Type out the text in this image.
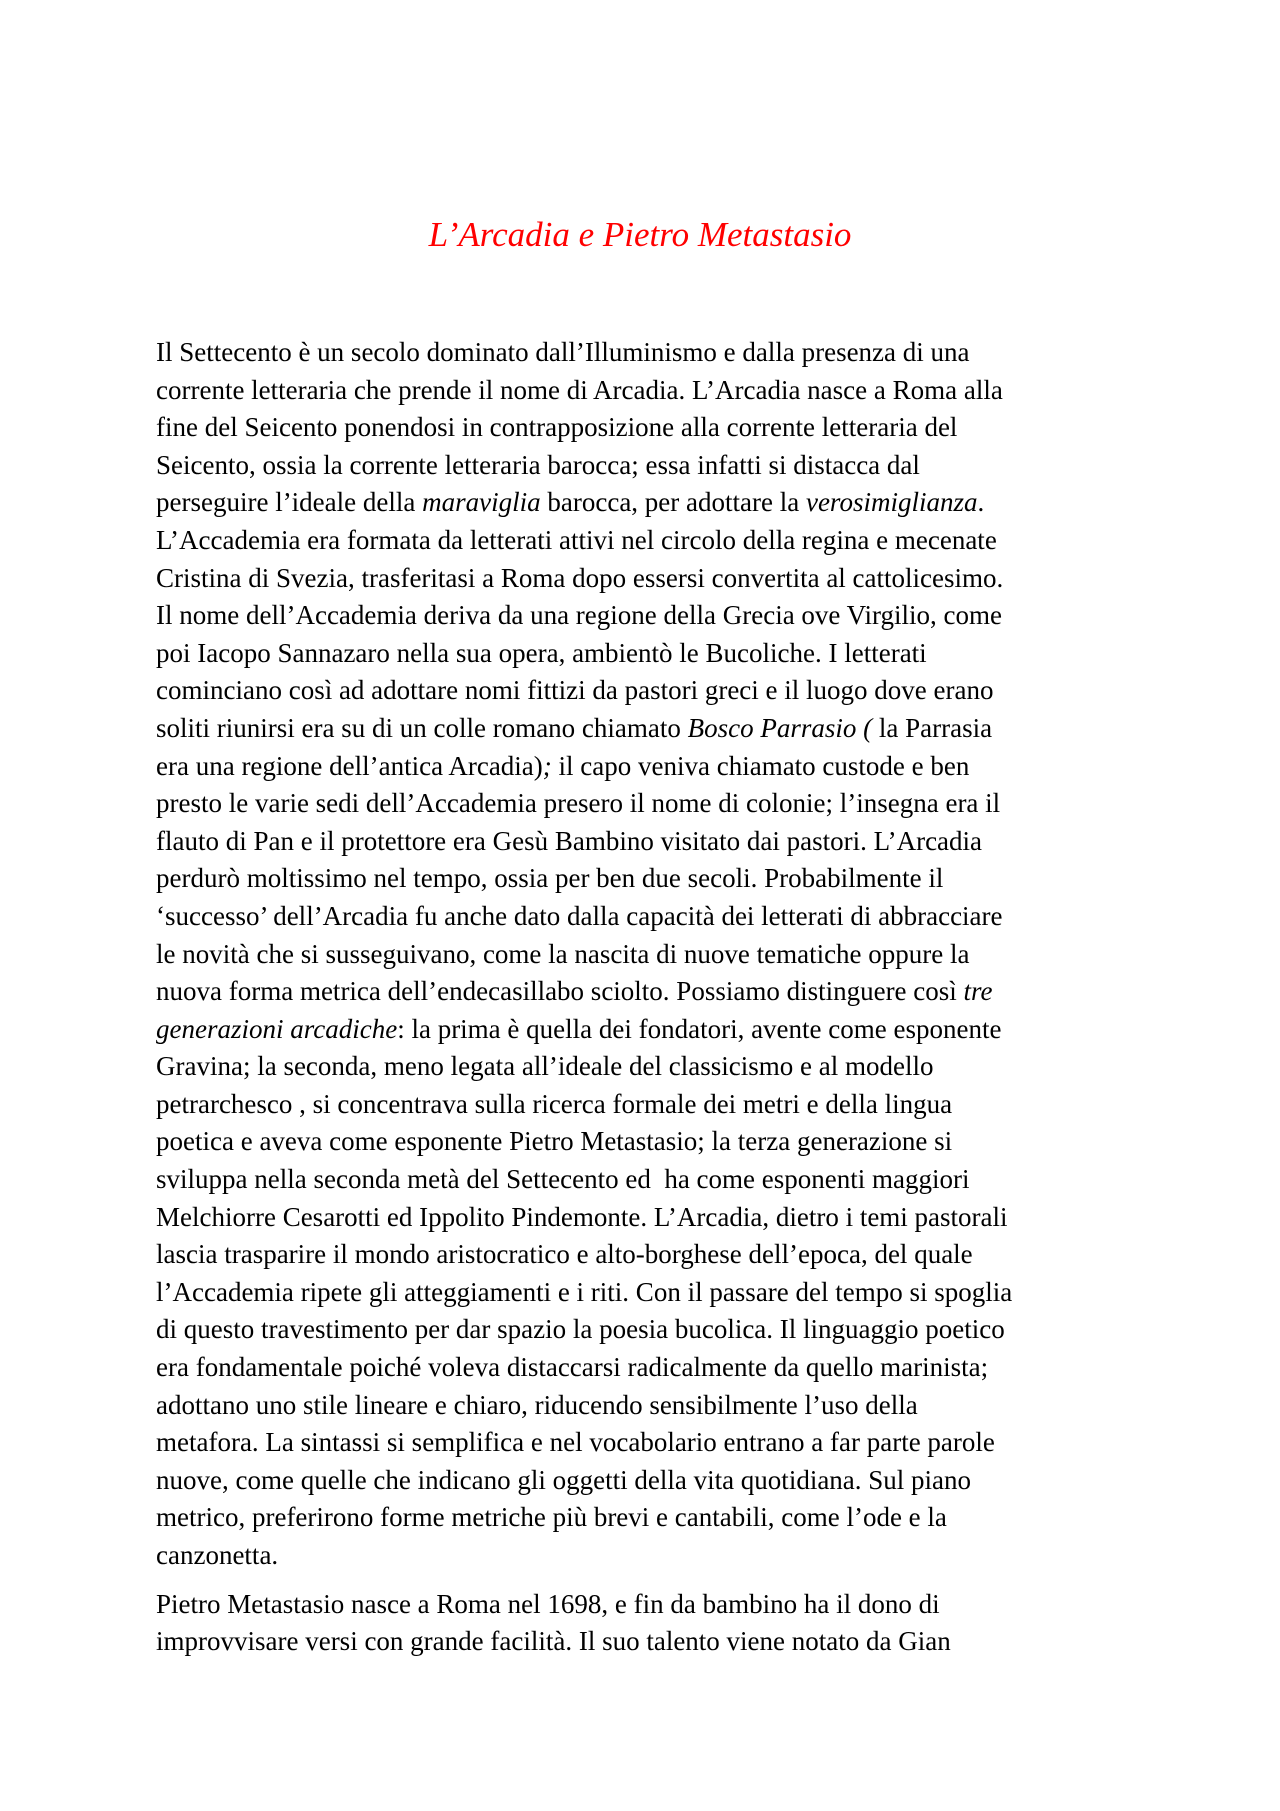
L’Arcadia e Pietro Metastasio

Il Settecento è un secolo dominato dall’Illuminismo e dalla presenza di una
corrente letteraria che prende il nome di Arcadia. L’Arcadia nasce a Roma alla
fine del Seicento ponendosi in contrapposizione alla corrente letteraria del
Seicento, ossia la corrente letteraria barocca; essa infatti si distacca dal
perseguire l’ideale della maraviglia barocca, per adottare la verosimiglianza.
L’Accademia era formata da letterati attivi nel circolo della regina e mecenate
Cristina di Svezia, trasferitasi a Roma dopo essersi convertita al cattolicesimo.
Il nome dell’Accademia deriva da una regione della Grecia ove Virgilio, come
poi Iacopo Sannazaro nella sua opera, ambientò le Bucoliche. I letterati
cominciano così ad adottare nomi fittizi da pastori greci e il luogo dove erano
soliti riunirsi era su di un colle romano chiamato Bosco Parrasio ( la Parrasia
era una regione dell’antica Arcadia); il capo veniva chiamato custode e ben
presto le varie sedi dell’Accademia presero il nome di colonie; l’insegna era il
flauto di Pan e il protettore era Gesù Bambino visitato dai pastori. L’Arcadia
perdurò moltissimo nel tempo, ossia per ben due secoli. Probabilmente il
‘successo’ dell’Arcadia fu anche dato dalla capacità dei letterati di abbracciare
le novità che si susseguivano, come la nascita di nuove tematiche oppure la
nuova forma metrica dell’endecasillabo sciolto. Possiamo distinguere così tre
generazioni arcadiche: la prima è quella dei fondatori, avente come esponente
Gravina; la seconda, meno legata all’ideale del classicismo e al modello
petrarchesco , si concentrava sulla ricerca formale dei metri e della lingua
poetica e aveva come esponente Pietro Metastasio; la terza generazione si
sviluppa nella seconda metà del Settecento ed  ha come esponenti maggiori
Melchiorre Cesarotti ed Ippolito Pindemonte. L’Arcadia, dietro i temi pastorali
lascia trasparire il mondo aristocratico e alto-borghese dell’epoca, del quale
l’Accademia ripete gli atteggiamenti e i riti. Con il passare del tempo si spoglia
di questo travestimento per dar spazio la poesia bucolica. Il linguaggio poetico
era fondamentale poiché voleva distaccarsi radicalmente da quello marinista;
adottano uno stile lineare e chiaro, riducendo sensibilmente l’uso della
metafora. La sintassi si semplifica e nel vocabolario entrano a far parte parole
nuove, come quelle che indicano gli oggetti della vita quotidiana. Sul piano
metrico, preferirono forme metriche più brevi e cantabili, come l’ode e la
canzonetta.

Pietro Metastasio nasce a Roma nel 1698, e fin da bambino ha il dono di
improvvisare versi con grande facilità. Il suo talento viene notato da Gian
